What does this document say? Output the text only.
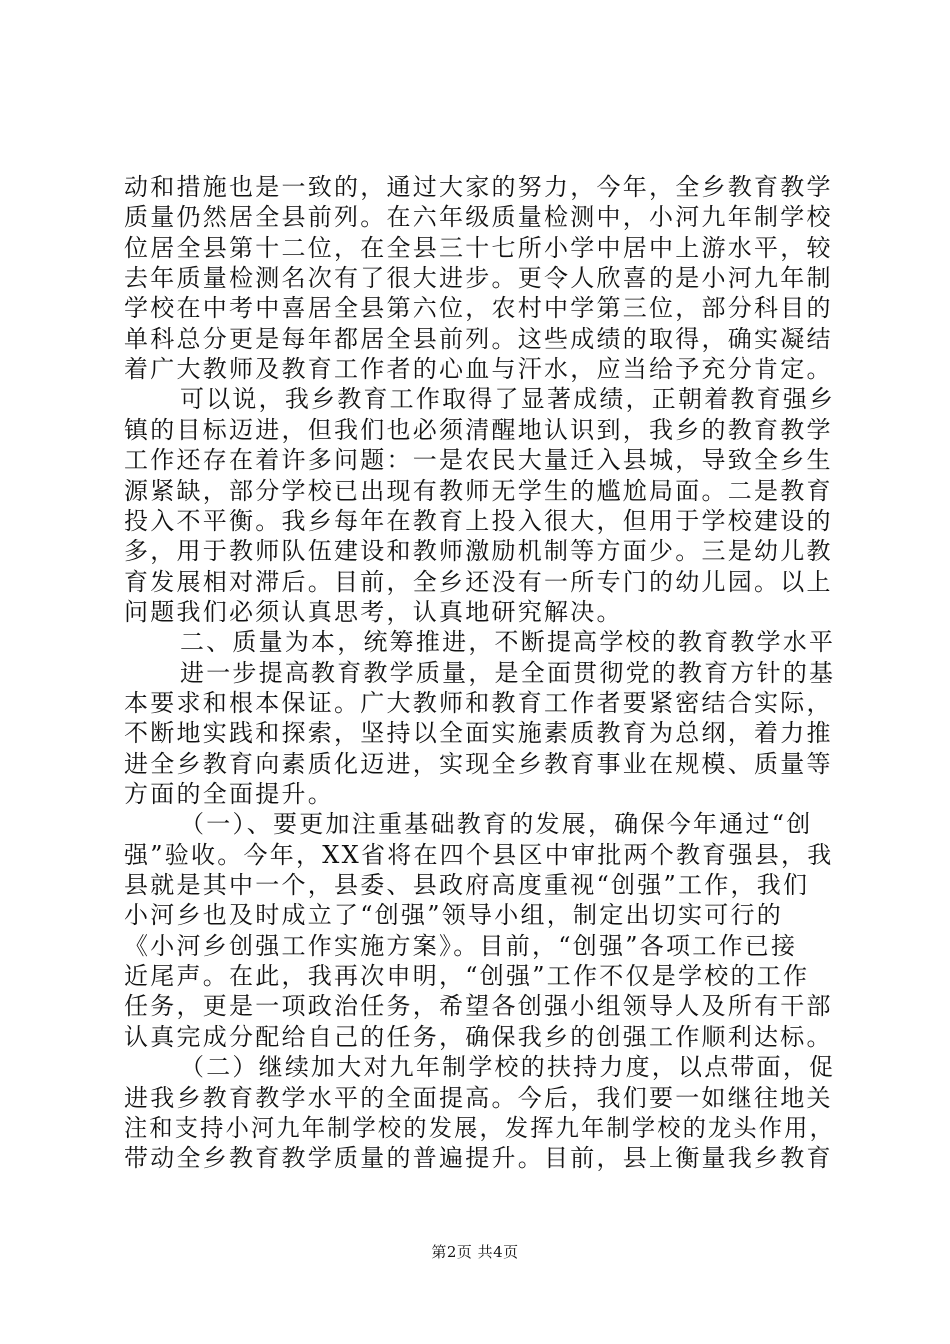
动和措施也是一致的，通过大家的努力，今年，全乡教育教学
质量仍然居全县前列。在六年级质量检测中，小河九年制学校
位居全县第十二位，在全县三十七所小学中居中上游水平，较
去年质量检测名次有了很大进步。更令人欣喜的是小河九年制
学校在中考中喜居全县第六位，农村中学第三位，部分科目的
单科总分更是每年都居全县前列。这些成绩的取得，确实凝结
着广大教师及教育工作者的心血与汗水，应当给予充分肯定。
可以说，我乡教育工作取得了显著成绩，正朝着教育强乡
镇的目标迈进，但我们也必须清醒地认识到，我乡的教育教学
工作还存在着许多问题：一是农民大量迁入县城，导致全乡生
源紧缺，部分学校已出现有教师无学生的尴尬局面。二是教育
投入不平衡。我乡每年在教育上投入很大，但用于学校建设的
多，用于教师队伍建设和教师激励机制等方面少。三是幼儿教
育发展相对滞后。目前，全乡还没有一所专门的幼儿园。以上
问题我们必须认真思考，认真地研究解决。
二、质量为本，统筹推进，不断提高学校的教育教学水平
进一步提高教育教学质量，是全面贯彻党的教育方针的基
本要求和根本保证。广大教师和教育工作者要紧密结合实际，
不断地实践和探索，坚持以全面实施素质教育为总纲，着力推
进全乡教育向素质化迈进，实现全乡教育事业在规模、质量等
方面的全面提升。
（一）、要更加注重基础教育的发展，确保今年通过“创
强”验收。今年，XX省将在四个县区中审批两个教育强县，我
县就是其中一个，县委、县政府高度重视“创强”工作，我们
小河乡也及时成立了“创强”领导小组，制定出切实可行的
《小河乡创强工作实施方案》。目前，“创强”各项工作已接
近尾声。在此，我再次申明，“创强”工作不仅是学校的工作
任务，更是一项政治任务，希望各创强小组领导人及所有干部
认真完成分配给自己的任务，确保我乡的创强工作顺利达标。
（二）继续加大对九年制学校的扶持力度，以点带面，促
进我乡教育教学水平的全面提高。今后，我们要一如继往地关
注和支持小河九年制学校的发展，发挥九年制学校的龙头作用，
带动全乡教育教学质量的普遍提升。目前，县上衡量我乡教育
第2页 共4页
